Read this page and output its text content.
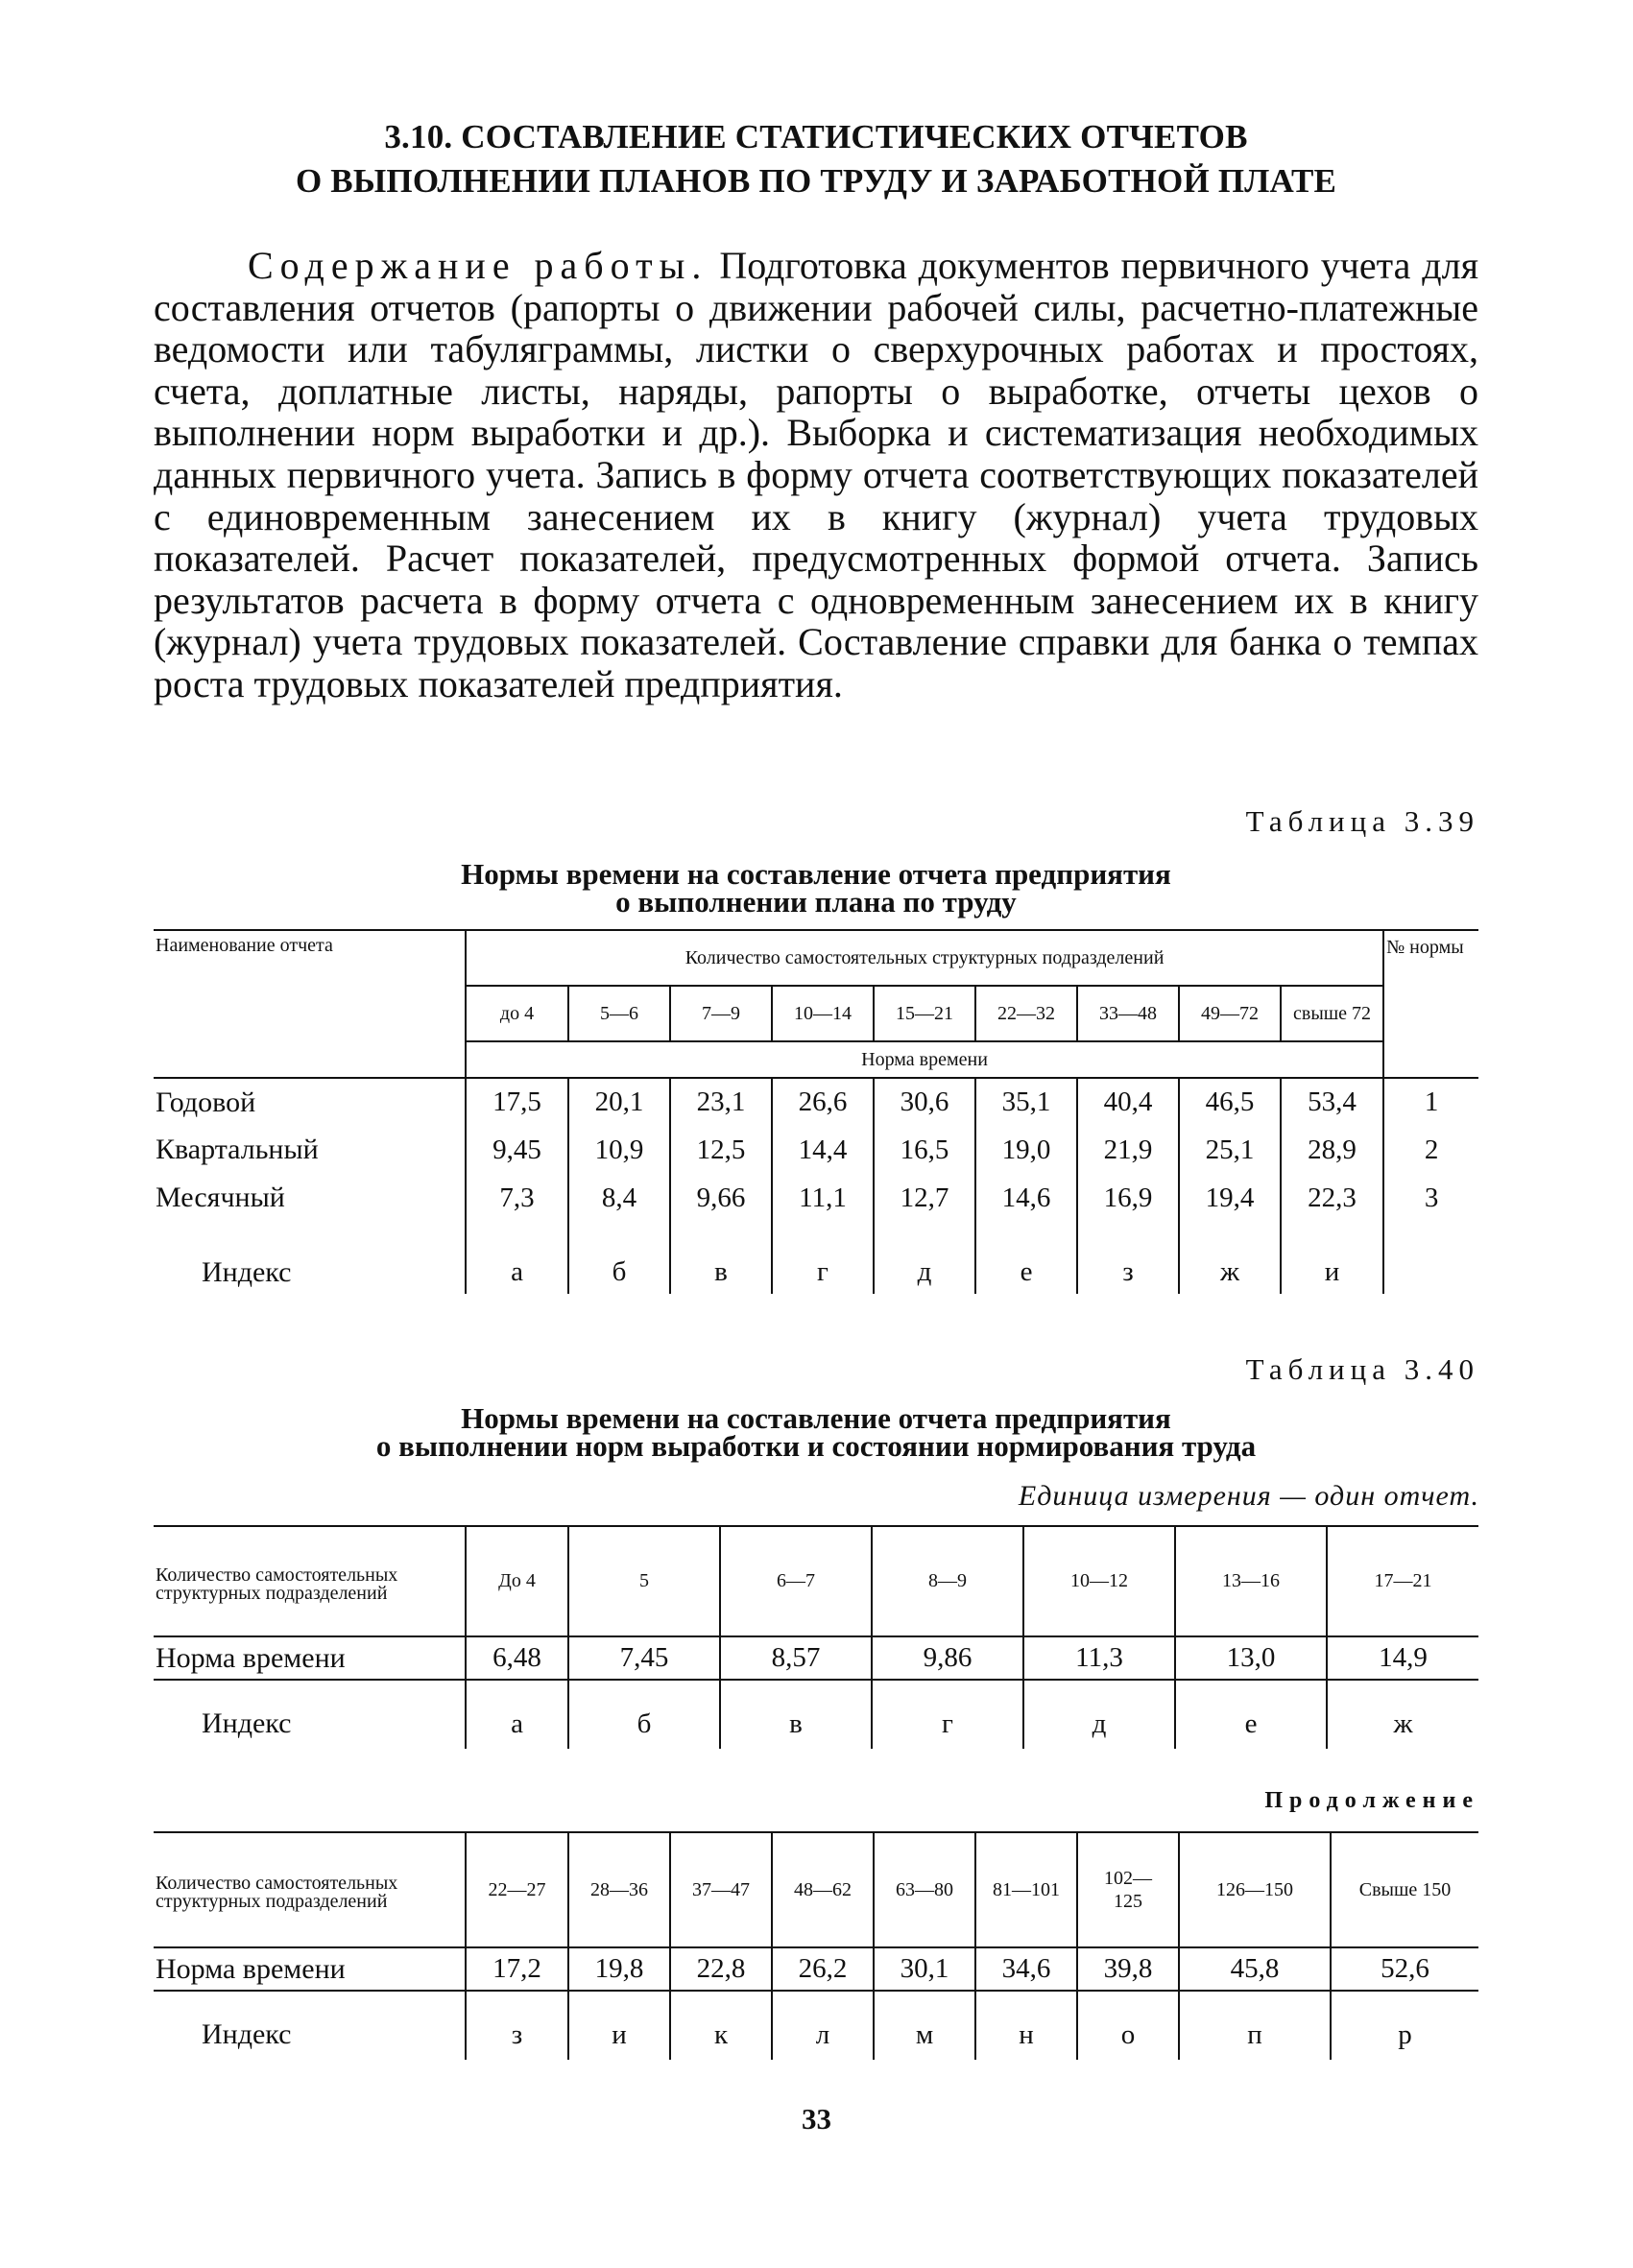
3.10. СОСТАВЛЕНИЕ СТАТИСТИЧЕСКИХ ОТЧЕТОВ
О ВЫПОЛНЕНИИ ПЛАНОВ ПО ТРУДУ И ЗАРАБОТНОЙ ПЛАТЕ

Содержание работы. Подготовка документов первичного учета для составления отчетов (рапорты о движении рабочей силы, расчетно-платежные ведомости или табуляграммы, листки о сверхурочных работах и простоях, счета, доплатные листы, наряды, рапорты о выработке, отчеты цехов о выполнении норм выработки и др.). Выборка и систематизация необходимых данных первичного учета. Запись в форму отчета соответствующих показателей с единовременным занесением их в книгу (журнал) учета трудовых показателей. Расчет показателей, предусмотренных формой отчета. Запись результатов расчета в форму отчета с одновременным занесением их в книгу (журнал) учета трудовых показателей. Составление справки для банка о темпах роста трудовых показателей предприятия.

Таблица 3.39
Нормы времени на составление отчета предприятия
о выполнении плана по труду
Наименование отчета	Количество самостоятельных структурных подразделений									№ нормы
	до 4	5—6	7—9	10—14	15—21	22—32	33—48	49—72	свыше 72	
	Норма времени									
Годовой	17,5	20,1	23,1	26,6	30,6	35,1	40,4	46,5	53,4	1
Квартальный	9,45	10,9	12,5	14,4	16,5	19,0	21,9	25,1	28,9	2
Месячный	7,3	8,4	9,66	11,1	12,7	14,6	16,9	19,4	22,3	3

Индекс	а	б	в	г	д	е	з	ж	и	
Таблица 3.40
Нормы времени на составление отчета предприятия
о выполнении норм выработки и состоянии нормирования труда
Единица измерения — один отчет.
Количество самостоятельных структурных подразделений	До 4	5	6—7	8—9	10—12	13—16	17—21
Норма времени	6,48	7,45	8,57	9,86	11,3	13,0	14,9

Индекс	а	б	в	г	д	е	ж
Продолжение
Количество самостоятельных структурных подразделений	22—27	28—36	37—47	48—62	63—80	81—101	102—125	126—150	Свыше 150
Норма времени	17,2	19,8	22,8	26,2	30,1	34,6	39,8	45,8	52,6

Индекс	з	и	к	л	м	н	о	п	р
33
